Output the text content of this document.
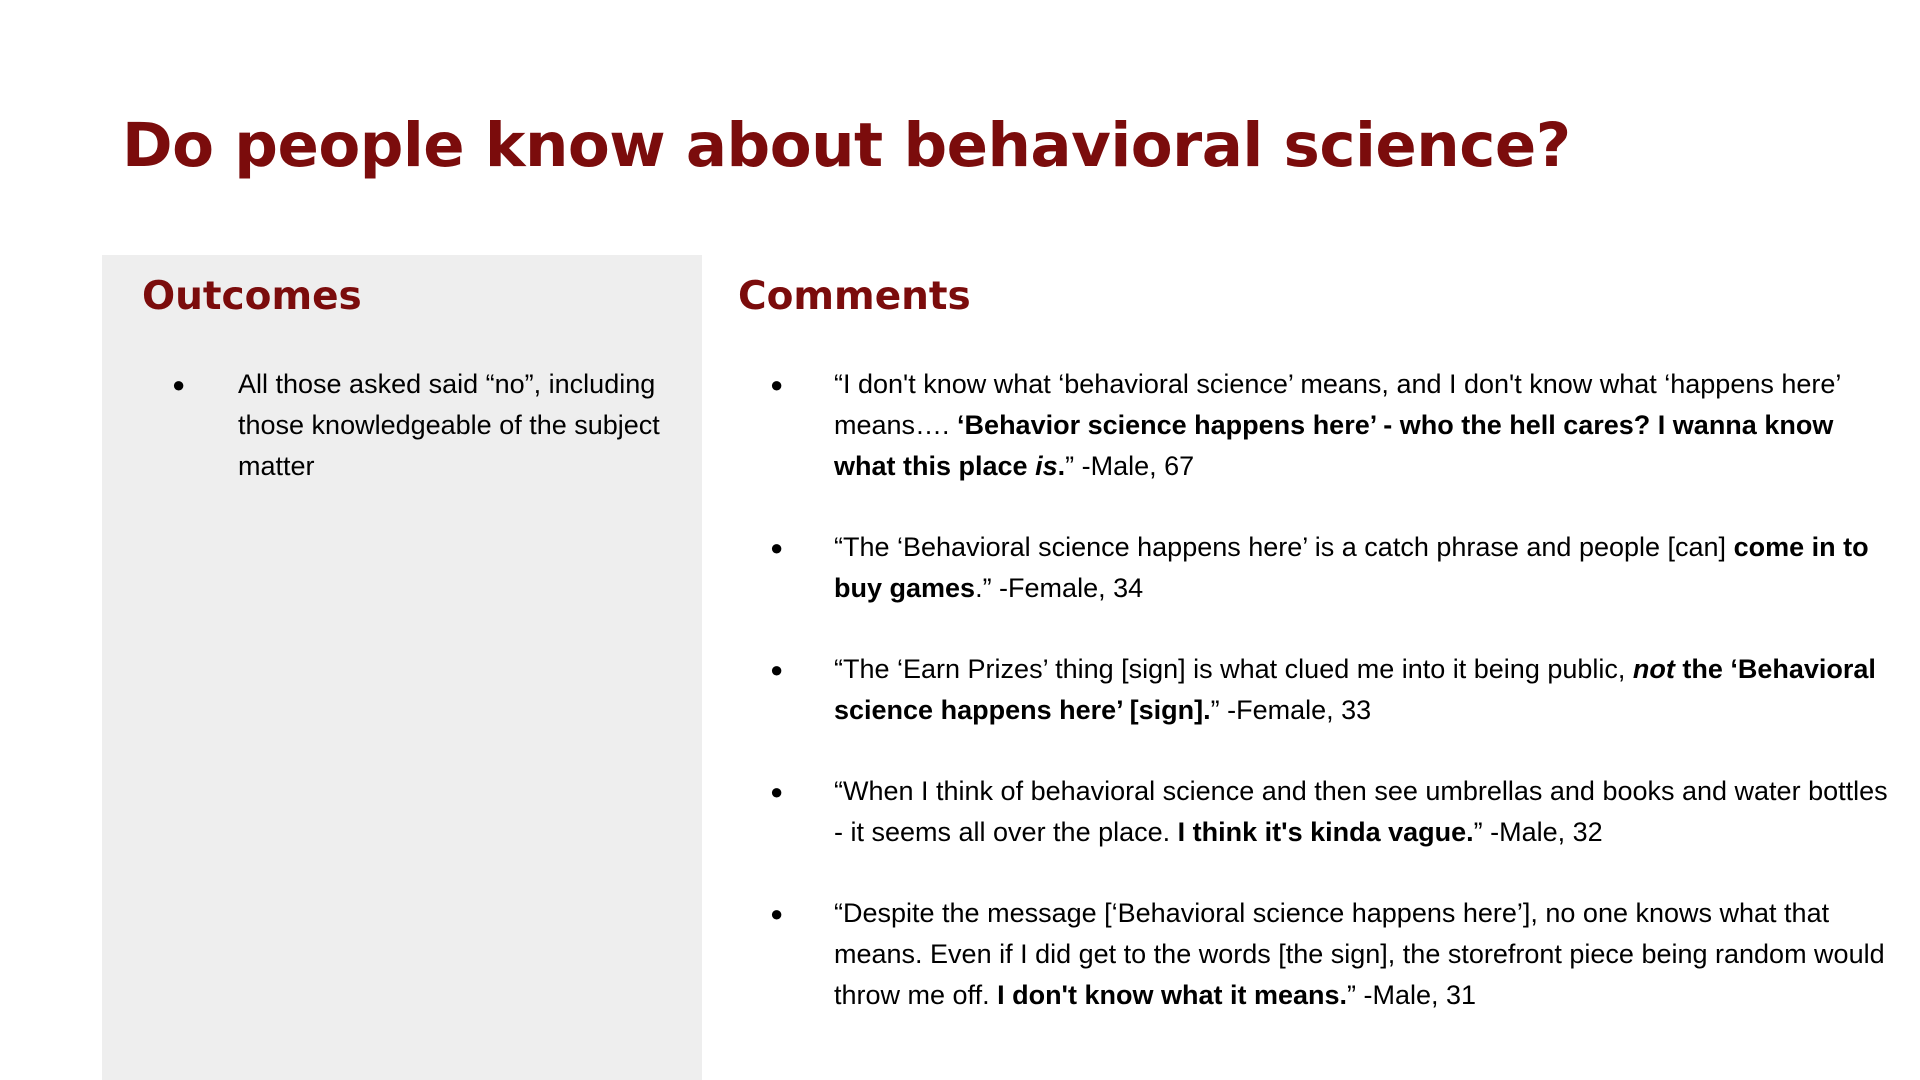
Do people know about behavioral science?
Outcomes	Comments
● All those asked said “no”, including those knowledgeable of the subject matter
● “I don't know what ‘behavioral science’ means, and I don't know what ‘happens here’ means…. ‘Behavior science happens here’ - who the hell cares? I wanna know what this place is.” -Male, 67
● “The ‘Behavioral science happens here’ is a catch phrase and people [can] come in to buy games.” -Female, 34
● “The ‘Earn Prizes’ thing [sign] is what clued me into it being public, not the ‘Behavioral science happens here’ [sign].” -Female, 33
● “When I think of behavioral science and then see umbrellas and books and water bottles - it seems all over the place. I think it's kinda vague.” -Male, 32
● “Despite the message [‘Behavioral science happens here’], no one knows what that means. Even if I did get to the words [the sign], the storefront piece being random would throw me off. I don't know what it means.” -Male, 31
